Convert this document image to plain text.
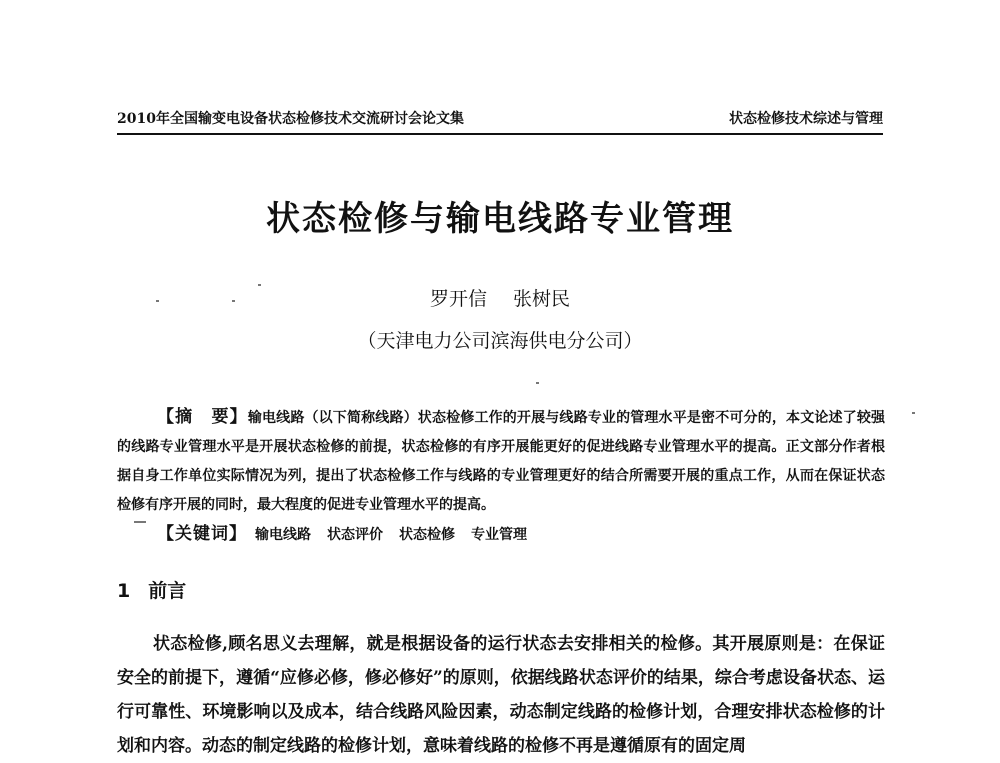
2010年全国输变电设备状态检修技术交流研讨会论文集	状态检修技术综述与管理
状态检修与输电线路专业管理
罗开信 张树民
（天津电力公司滨海供电分公司）
【摘　要】输电线路（以下简称线路）状态检修工作的开展与线路专业的管理水平是密不可分的，本文论述了较强的线路专业管理水平是开展状态检修的前提，状态检修的有序开展能更好的促进线路专业管理水平的提高。正文部分作者根据自身工作单位实际情况为列，提出了状态检修工作与线路的专业管理更好的结合所需要开展的重点工作，从而在保证状态检修有序开展的同时，最大程度的促进专业管理水平的提高。
【关键词】 输电线路 状态评价 状态检修 专业管理
1 前言
状态检修,顾名思义去理解，就是根据设备的运行状态去安排相关的检修。其开展原则是：在保证安全的前提下，遵循“应修必修，修必修好”的原则，依据线路状态评价的结果，综合考虑设备状态、运行可靠性、环境影响以及成本，结合线路风险因素，动态制定线路的检修计划，合理安排状态检修的计划和内容。动态的制定线路的检修计划，意味着线路的检修不再是遵循原有的固定周
